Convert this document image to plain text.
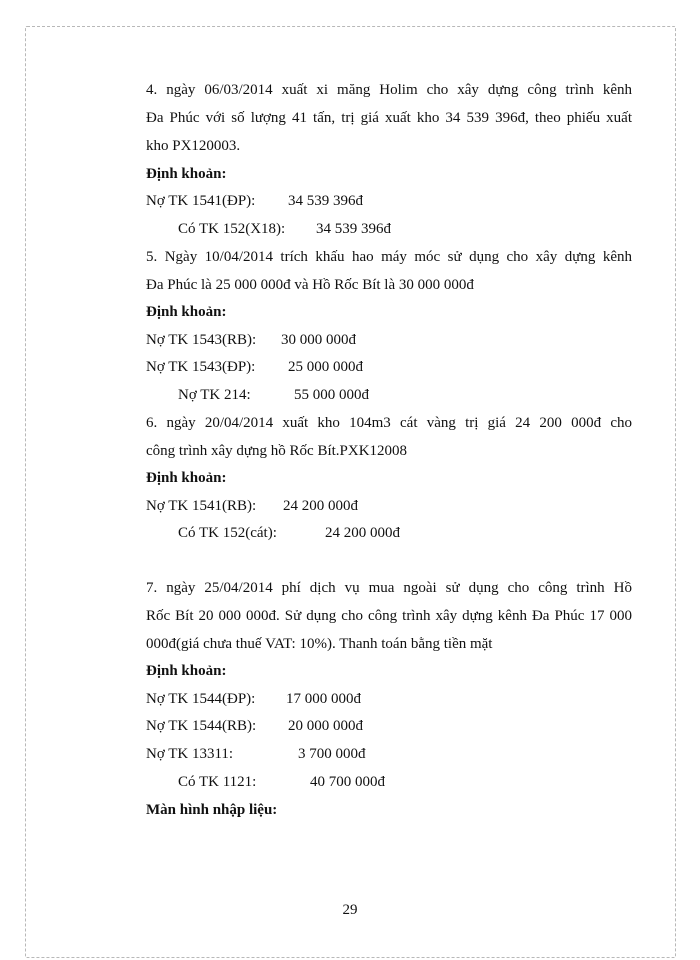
4. ngày 06/03/2014 xuất xi măng Holim cho xây dựng công trình kênh
Đa Phúc với số lượng 41 tấn, trị giá xuất kho 34 539 396đ, theo phiếu xuất
kho PX120003.
Định khoản:
Nợ TK 1541(ĐP): 34 539 396đ
Có TK 152(X18): 34 539 396đ
5. Ngày 10/04/2014 trích khấu hao máy móc sử dụng cho xây dựng kênh
Đa Phúc là 25 000 000đ và Hồ Rốc Bít là 30 000 000đ
Định khoản:
Nợ TK 1543(RB): 30 000 000đ
Nợ TK 1543(ĐP): 25 000 000đ
Nợ TK 214:	55 000 000đ
6. ngày 20/04/2014 xuất kho 104m3 cát vàng trị giá 24 200 000đ cho
công trình xây dựng hồ Rốc Bít.PXK12008
Định khoản:
Nợ TK 1541(RB): 24 200 000đ
Có TK 152(cát):	24 200 000đ
7. ngày 25/04/2014 phí dịch vụ mua ngoài sử dụng cho công trình Hồ
Rốc Bít 20 000 000đ. Sử dụng cho công trình xây dựng kênh Đa Phúc 17 000
000đ(giá chưa thuế VAT: 10%). Thanh toán bằng tiền mặt
Định khoản:
Nợ TK 1544(ĐP): 17 000 000đ
Nợ TK 1544(RB): 20 000 000đ
Nợ TK 13311:	3 700 000đ
Có TK 1121:	40 700 000đ
Màn hình nhập liệu:
29
